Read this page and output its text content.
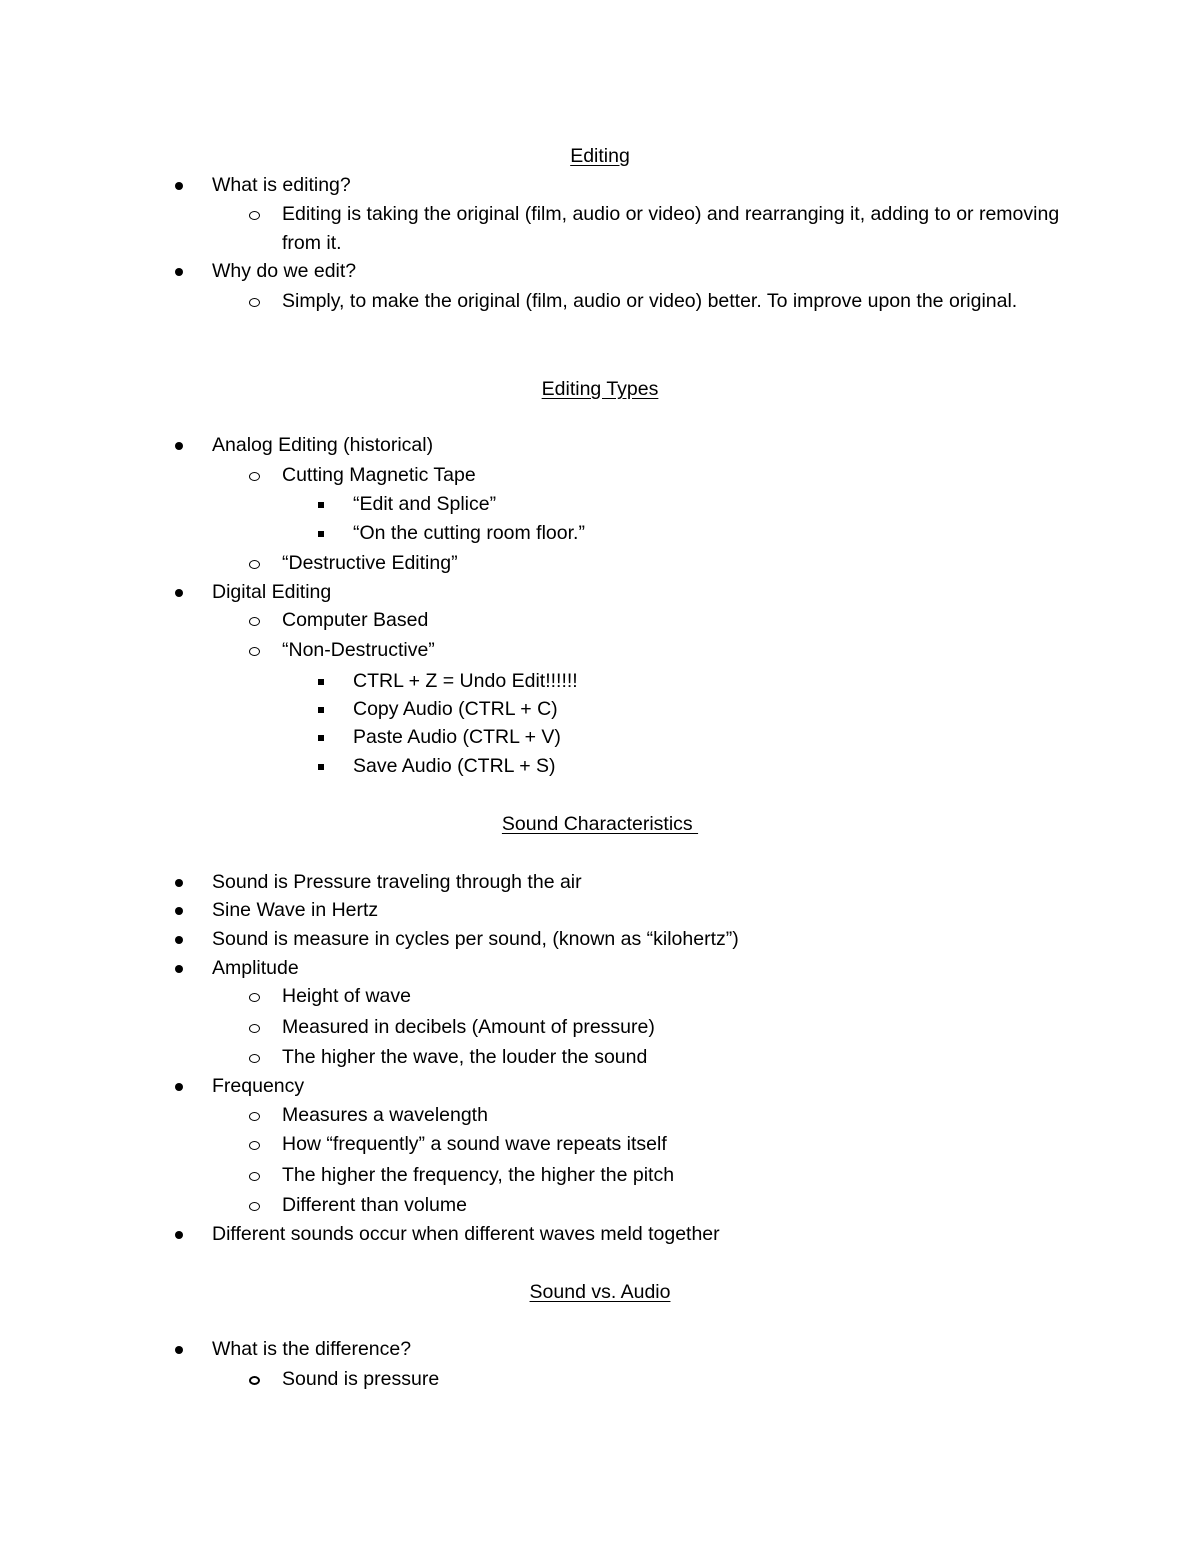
Editing
What is editing?
Editing is taking the original (film, audio or video) and rearranging it, adding to or removing from it.
Why do we edit?
Simply, to make the original (film, audio or video) better. To improve upon the original.
Editing Types
Analog Editing (historical)
Cutting Magnetic Tape
“Edit and Splice”
“On the cutting room floor.”
“Destructive Editing”
Digital Editing
Computer Based
“Non-Destructive”
CTRL + Z = Undo Edit!!!!!!
Copy Audio (CTRL + C)
Paste Audio (CTRL + V)
Save Audio (CTRL + S)
Sound Characteristics
Sound is Pressure traveling through the air
Sine Wave in Hertz
Sound is measure in cycles per sound, (known as “kilohertz”)
Amplitude
Height of wave
Measured in decibels (Amount of pressure)
The higher the wave, the louder the sound
Frequency
Measures a wavelength
How “frequently” a sound wave repeats itself
The higher the frequency, the higher the pitch
Different than volume
Different sounds occur when different waves meld together
Sound vs. Audio
What is the difference?
Sound is pressure
